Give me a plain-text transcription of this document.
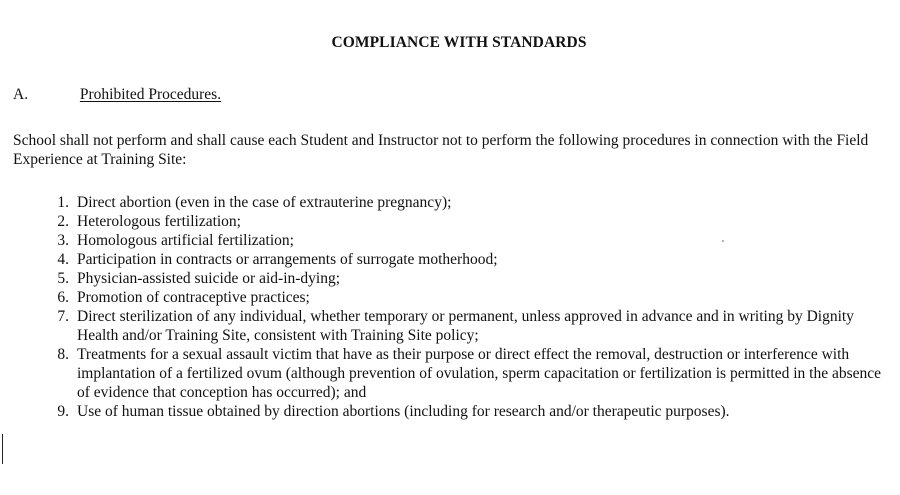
COMPLIANCE WITH STANDARDS
A.	Prohibited Procedures.
School shall not perform and shall cause each Student and Instructor not to perform the following procedures in connection with the Field Experience at Training Site:
1. Direct abortion (even in the case of extrauterine pregnancy);
2. Heterologous fertilization;
3. Homologous artificial fertilization;
4. Participation in contracts or arrangements of surrogate motherhood;
5. Physician-assisted suicide or aid-in-dying;
6. Promotion of contraceptive practices;
7. Direct sterilization of any individual, whether temporary or permanent, unless approved in advance and in writing by Dignity Health and/or Training Site, consistent with Training Site policy;
8. Treatments for a sexual assault victim that have as their purpose or direct effect the removal, destruction or interference with implantation of a fertilized ovum (although prevention of ovulation, sperm capacitation or fertilization is permitted in the absence of evidence that conception has occurred); and
9. Use of human tissue obtained by direction abortions (including for research and/or therapeutic purposes).
